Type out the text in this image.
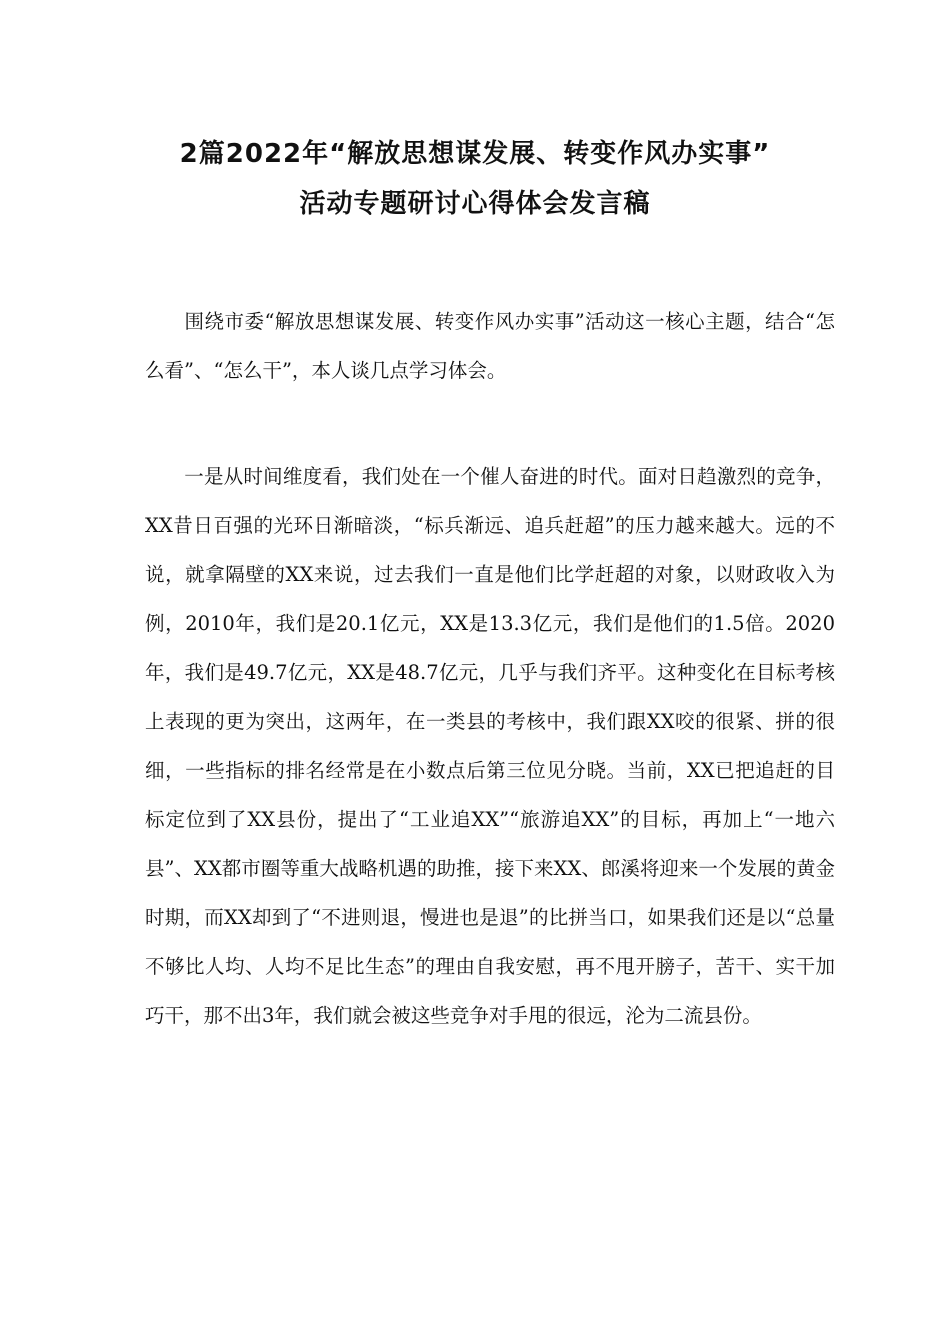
2篇2022年“解放思想谋发展、转变作风办实事”
活动专题研讨心得体会发言稿
围绕市委“解放思想谋发展、转变作风办实事”活动这一核心主题，结合“怎么看”、“怎么干”，本人谈几点学习体会。
一是从时间维度看，我们处在一个催人奋进的时代。面对日趋激烈的竞争，XX昔日百强的光环日渐暗淡，“标兵渐远、追兵赶超”的压力越来越大。远的不说，就拿隔壁的XX来说，过去我们一直是他们比学赶超的对象，以财政收入为例，2010年，我们是20.1亿元，XX是13.3亿元，我们是他们的1.5倍。2020年，我们是49.7亿元，XX是48.7亿元，几乎与我们齐平。这种变化在目标考核上表现的更为突出，这两年，在一类县的考核中，我们跟XX咬的很紧、拼的很细，一些指标的排名经常是在小数点后第三位见分晓。当前，XX已把追赶的目标定位到了XX县份，提出了“工业追XX”“旅游追XX”的目标，再加上“一地六县”、XX都市圈等重大战略机遇的助推，接下来XX、郎溪将迎来一个发展的黄金时期，而XX却到了“不进则退，慢进也是退”的比拼当口，如果我们还是以“总量不够比人均、人均不足比生态”的理由自我安慰，再不甩开膀子，苦干、实干加巧干，那不出3年，我们就会被这些竞争对手甩的很远，沦为二流县份。
